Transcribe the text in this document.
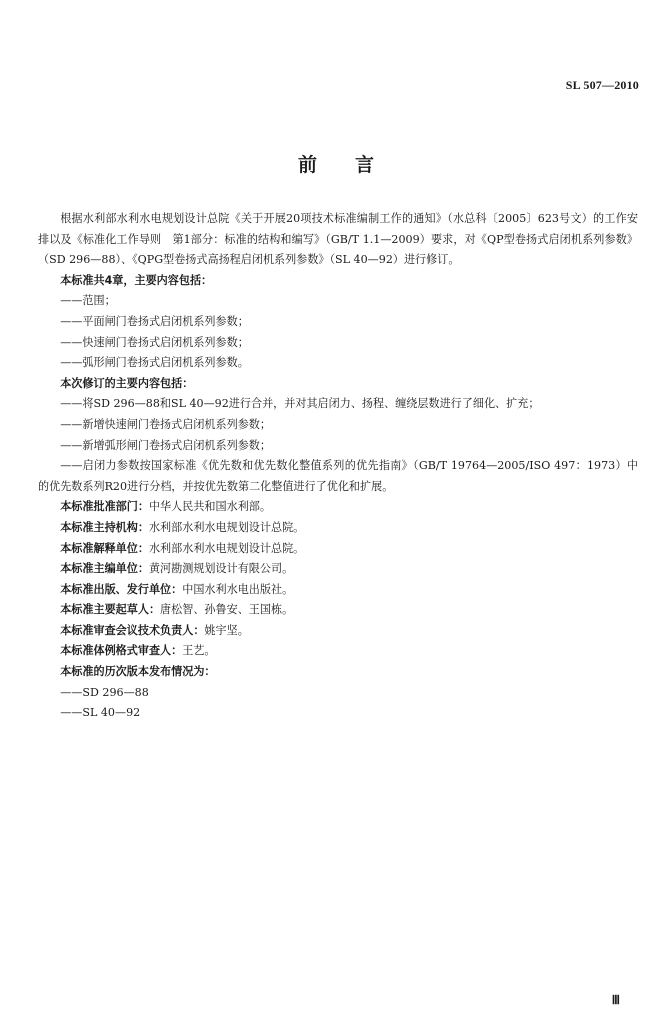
SL 507—2010
前言

根据水利部水利水电规划设计总院《关于开展20项技术标准编制工作的通知》（水总科〔2005〕623号文）的工作安排以及《标准化工作导则　第1部分：标准的结构和编写》（GB/T 1.1—2009）要求，对《QP型卷扬式启闭机系列参数》（SD 296—88）、《QPG型卷扬式高扬程启闭机系列参数》（SL 40—92）进行修订。

本标准共4章，主要内容包括：

——范围；

——平面闸门卷扬式启闭机系列参数；

——快速闸门卷扬式启闭机系列参数；

——弧形闸门卷扬式启闭机系列参数。

本次修订的主要内容包括：

——将SD 296—88和SL 40—92进行合并，并对其启闭力、扬程、缠绕层数进行了细化、扩充；

——新增快速闸门卷扬式启闭机系列参数；

——新增弧形闸门卷扬式启闭机系列参数；

——启闭力参数按国家标准《优先数和优先数化整值系列的优先指南》（GB/T 19764—2005/ISO 497：1973）中的优先数系列R20进行分档，并按优先数第二化整值进行了优化和扩展。

本标准批准部门：中华人民共和国水利部。

本标准主持机构：水利部水利水电规划设计总院。

本标准解释单位：水利部水利水电规划设计总院。

本标准主编单位：黄河勘测规划设计有限公司。

本标准出版、发行单位：中国水利水电出版社。

本标准主要起草人：唐松智、孙鲁安、王国栋。

本标准审查会议技术负责人：姚宇坚。

本标准体例格式审查人：王艺。

本标准的历次版本发布情况为：

——SD 296—88

——SL 40—92

Ⅲ
